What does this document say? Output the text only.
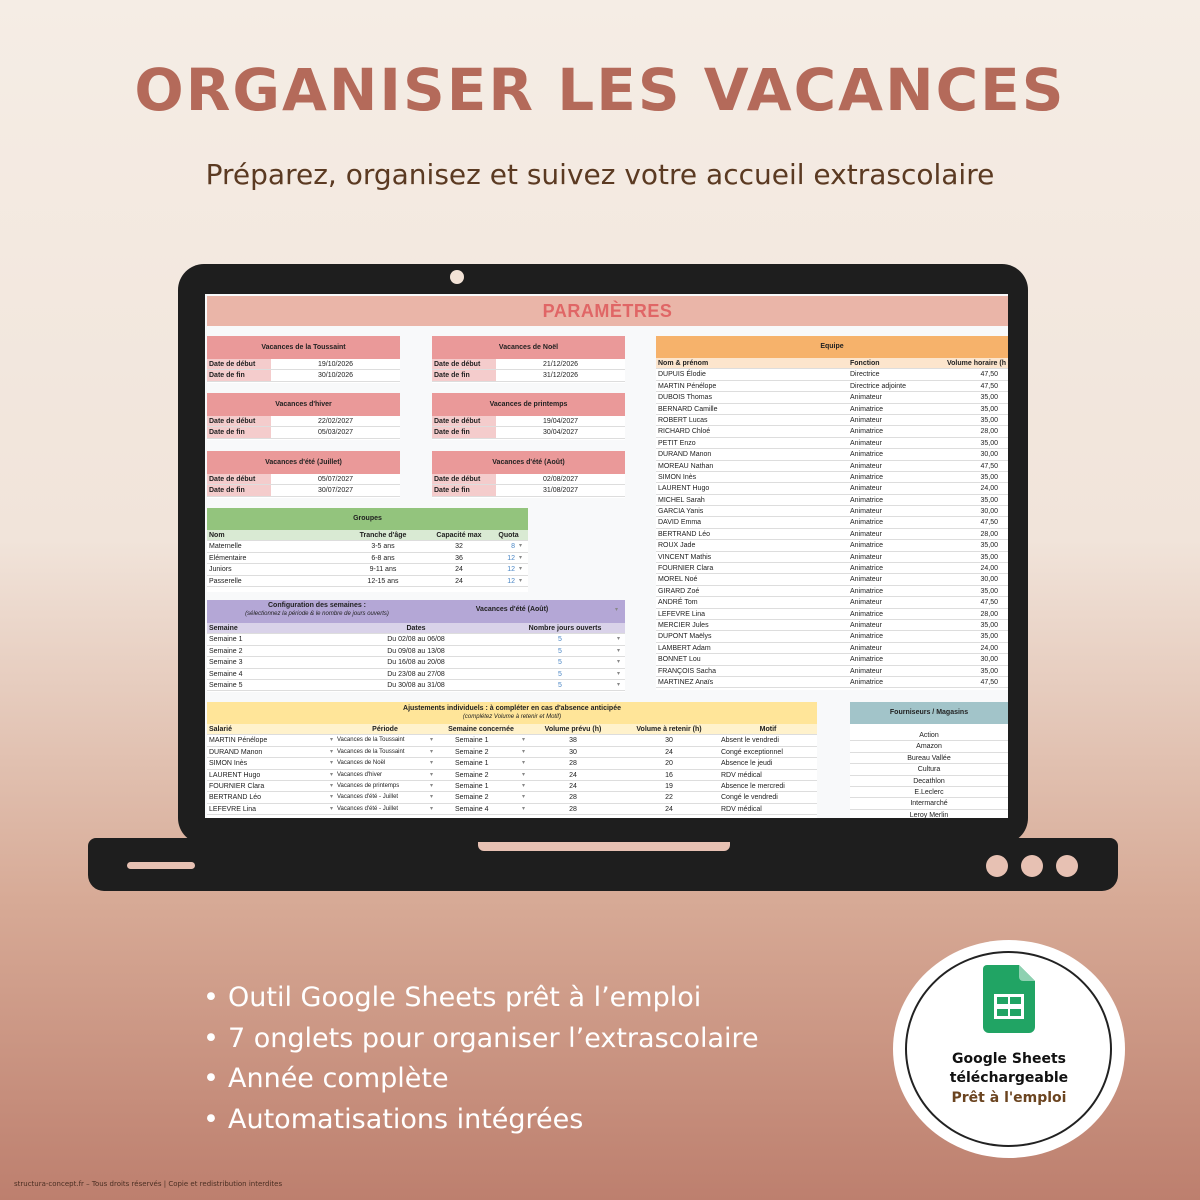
ORGANISER LES VACANCES
Préparez, organisez et suivez votre accueil extrascolaire
PARAMÈTRES
Vacances de la Toussaint
Date de début	19/10/2026
Date de fin	30/10/2026
Vacances de Noël
Date de début	21/12/2026
Date de fin	31/12/2026
Vacances d'hiver
Date de début	22/02/2027
Date de fin	05/03/2027
Vacances de printemps
Date de début	19/04/2027
Date de fin	30/04/2027
Vacances d'été (Juillet)
Date de début	05/07/2027
Date de fin	30/07/2027
Vacances d'été (Août)
Date de début	02/08/2027
Date de fin	31/08/2027
Groupes
Nom	Tranche d'âge	Capacité max	Quota
Maternelle	3-5 ans	32	8 ▾
Elémentaire	6-8 ans	36	12 ▾
Juniors	9-11 ans	24	12 ▾
Passerelle	12-15 ans	24	12 ▾
Configuration des semaines :
(sélectionnez la période & le nombre de jours ouverts)
Vacances d'été (Août)	▾
Semaine	Dates	Nombre jours ouverts
Semaine 1	Du 02/08 au 06/08	5	▾
Semaine 2	Du 09/08 au 13/08	5	▾
Semaine 3	Du 16/08 au 20/08	5	▾
Semaine 4	Du 23/08 au 27/08	5	▾
Semaine 5	Du 30/08 au 31/08	5	▾
Equipe
Nom & prénom	Fonction	Volume horaire (h
DUPUIS Élodie	Directrice	47,50
MARTIN Pénélope	Directrice adjointe	47,50
DUBOIS Thomas	Animateur	35,00
BERNARD Camille	Animatrice	35,00
ROBERT Lucas	Animateur	35,00
RICHARD Chloé	Animatrice	28,00
PETIT Enzo	Animateur	35,00
DURAND Manon	Animatrice	30,00
MOREAU Nathan	Animateur	47,50
SIMON Inès	Animatrice	35,00
LAURENT Hugo	Animateur	24,00
MICHEL Sarah	Animatrice	35,00
GARCIA Yanis	Animateur	30,00
DAVID Emma	Animatrice	47,50
BERTRAND Léo	Animateur	28,00
ROUX Jade	Animatrice	35,00
VINCENT Mathis	Animateur	35,00
FOURNIER Clara	Animatrice	24,00
MOREL Noé	Animateur	30,00
GIRARD Zoé	Animatrice	35,00
ANDRÉ Tom	Animateur	47,50
LEFEVRE Lina	Animatrice	28,00
MERCIER Jules	Animateur	35,00
DUPONT Maëlys	Animatrice	35,00
LAMBERT Adam	Animateur	24,00
BONNET Lou	Animatrice	30,00
FRANÇOIS Sacha	Animateur	35,00
MARTINEZ Anaïs	Animatrice	47,50
Ajustements individuels : à compléter en cas d'absence anticipée
(complétez Volume à retenir et Motif)
Salarié	Période	Semaine concernée	Volume prévu (h)	Volume à retenir (h)	Motif
MARTIN Pénélope	▾ Vacances de la Toussaint	▾	Semaine 1	▾	38	30	Absent le vendredi
DURAND Manon	▾ Vacances de la Toussaint	▾	Semaine 2	▾	30	24	Congé exceptionnel
SIMON Inès	▾ Vacances de Noël	▾	Semaine 1	▾	28	20	Absence le jeudi
LAURENT Hugo	▾ Vacances d'hiver	▾	Semaine 2	▾	24	16	RDV médical
FOURNIER Clara	▾ Vacances de printemps	▾	Semaine 1	▾	24	19	Absence le mercredi
BERTRAND Léo	▾ Vacances d'été - Juillet	▾	Semaine 2	▾	28	22	Congé le vendredi
LEFEVRE Lina	▾ Vacances d'été - Juillet	▾	Semaine 4	▾	28	24	RDV médical
Fourniseurs / Magasins
Action
Amazon
Bureau Vallée
Cultura
Decathlon
E.Leclerc
Intermarché
Leroy Merlin
• Outil Google Sheets prêt à l’emploi
• 7 onglets pour organiser l’extrascolaire
• Année complète
• Automatisations intégrées
Google Sheets
téléchargeable
Prêt à l'emploi
structura-concept.fr – Tous droits réservés | Copie et redistribution interdites
